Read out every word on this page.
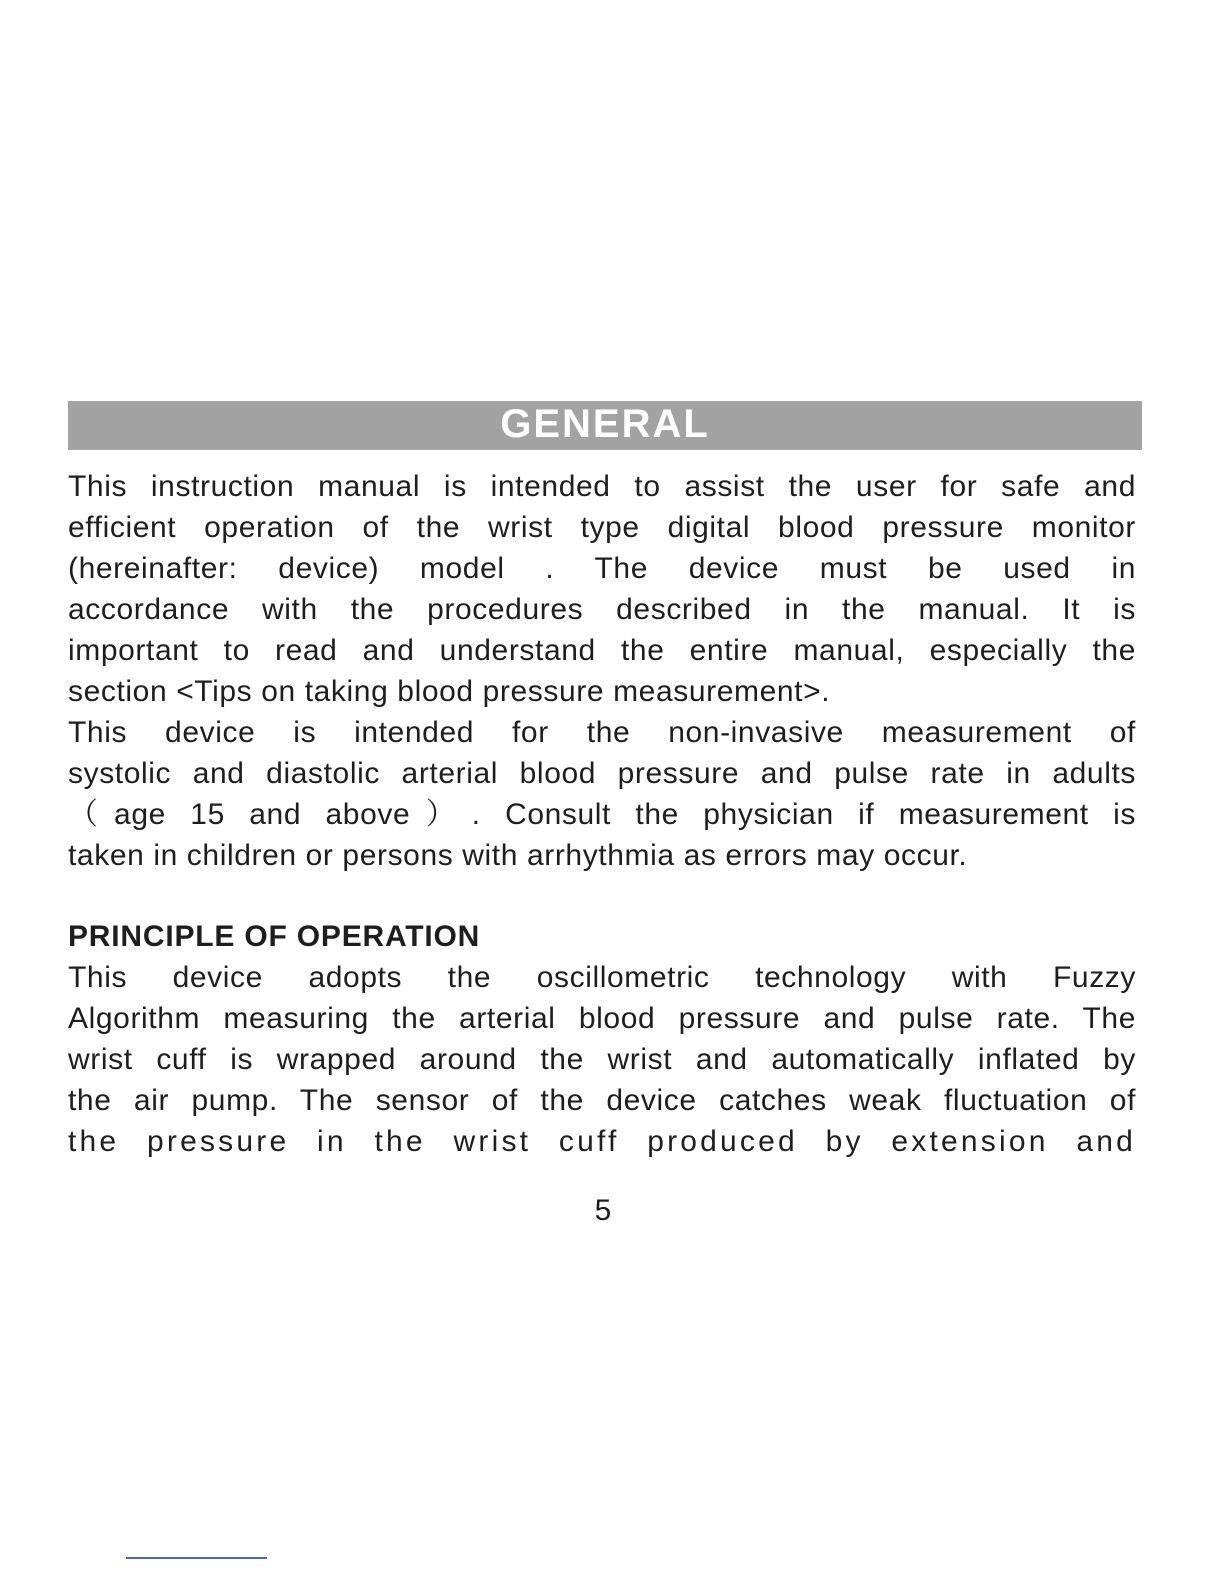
GENERAL
This instruction manual is intended to assist the user for safe and
efficient operation of the wrist type digital blood pressure monitor
(hereinafter: device) model . The device must be used in
accordance with the procedures described in the manual. It is
important to read and understand the entire manual, especially the
section <Tips on taking blood pressure measurement>.
This device is intended for the non-invasive measurement of
systolic and diastolic arterial blood pressure and pulse rate in adults
（age 15 and above）. Consult the physician if measurement is
taken in children or persons with arrhythmia as errors may occur.
PRINCIPLE OF OPERATION
This device adopts the oscillometric technology with Fuzzy
Algorithm measuring the arterial blood pressure and pulse rate. The
wrist cuff is wrapped around the wrist and automatically inflated by
the air pump. The sensor of the device catches weak fluctuation of
the pressure in the wrist cuff produced by extension and
5
